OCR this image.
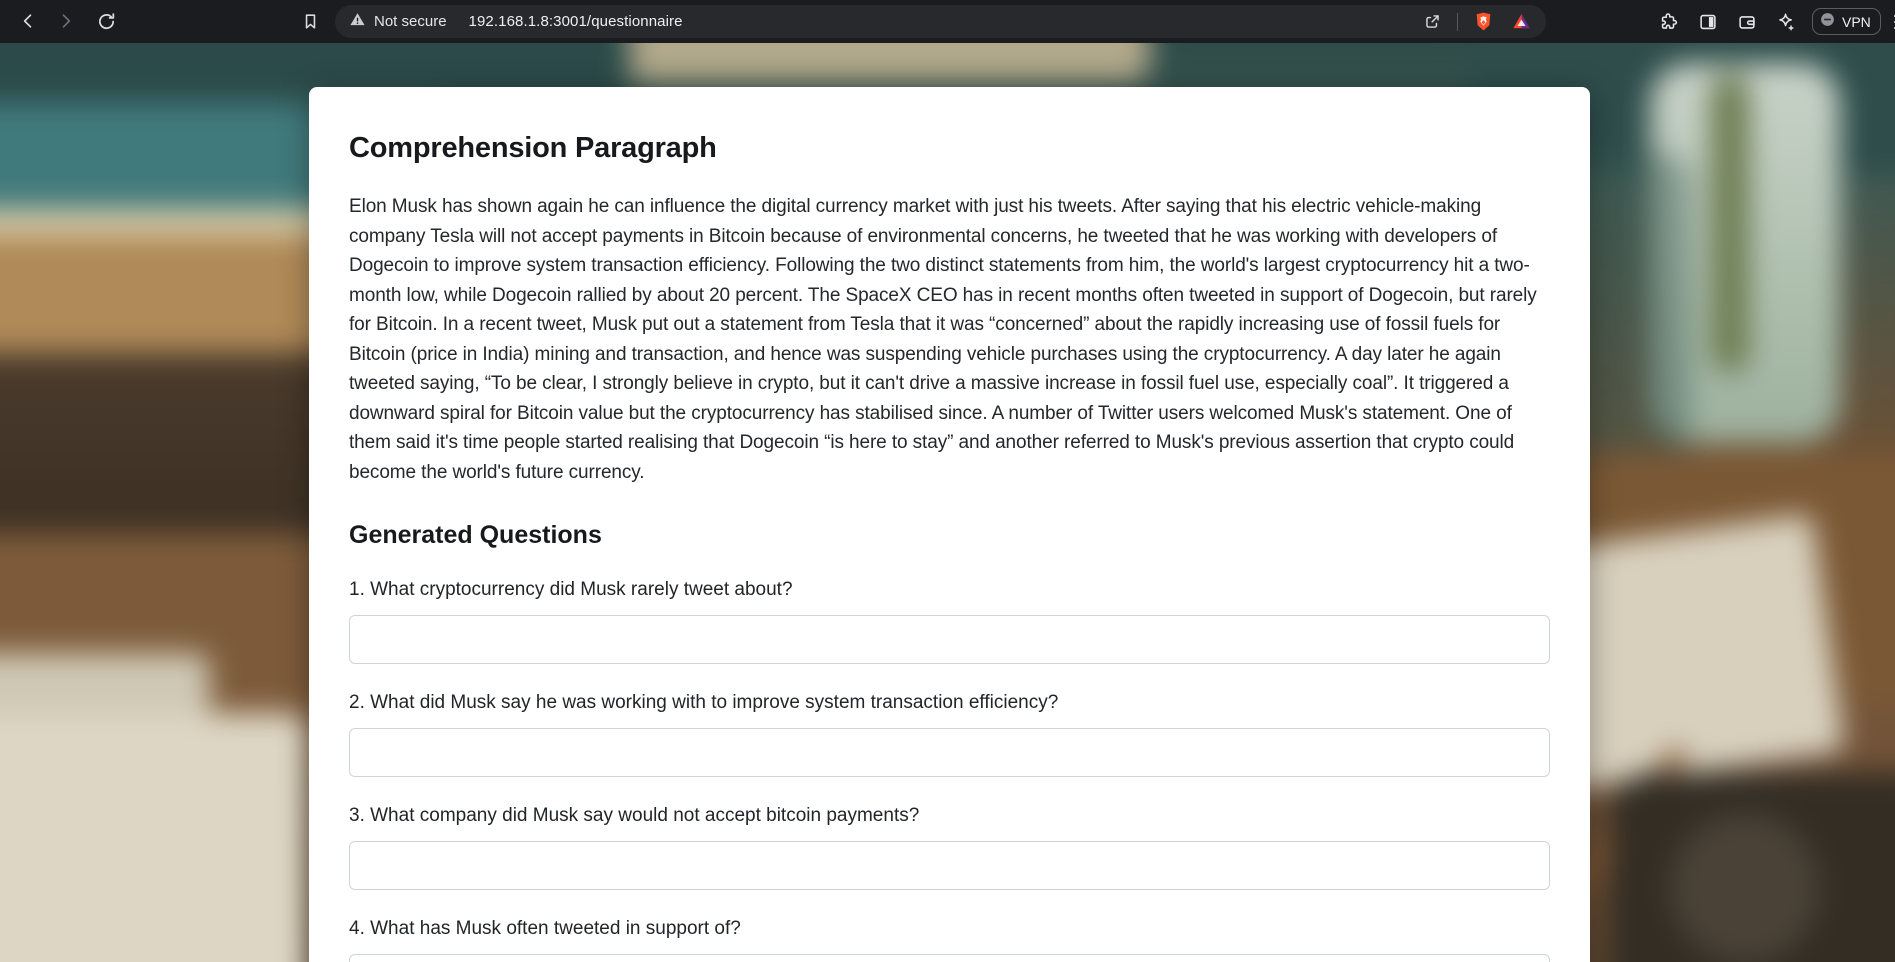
Not secure 192.168.1.8:3001/questionnaire	VPN
Comprehension Paragraph

Elon Musk has shown again he can influence the digital currency market with just his tweets. After saying that his electric vehicle-making company Tesla will not accept payments in Bitcoin because of environmental concerns, he tweeted that he was working with developers of Dogecoin to improve system transaction efficiency. Following the two distinct statements from him, the world's largest cryptocurrency hit a two-month low, while Dogecoin rallied by about 20 percent. The SpaceX CEO has in recent months often tweeted in support of Dogecoin, but rarely for Bitcoin. In a recent tweet, Musk put out a statement from Tesla that it was “concerned” about the rapidly increasing use of fossil fuels for Bitcoin (price in India) mining and transaction, and hence was suspending vehicle purchases using the cryptocurrency. A day later he again tweeted saying, “To be clear, I strongly believe in crypto, but it can't drive a massive increase in fossil fuel use, especially coal”. It triggered a downward spiral for Bitcoin value but the cryptocurrency has stabilised since. A number of Twitter users welcomed Musk's statement. One of them said it's time people started realising that Dogecoin “is here to stay” and another referred to Musk's previous assertion that crypto could become the world's future currency.

Generated Questions
1. What cryptocurrency did Musk rarely tweet about?
2. What did Musk say he was working with to improve system transaction efficiency?
3. What company did Musk say would not accept bitcoin payments?
4. What has Musk often tweeted in support of?
